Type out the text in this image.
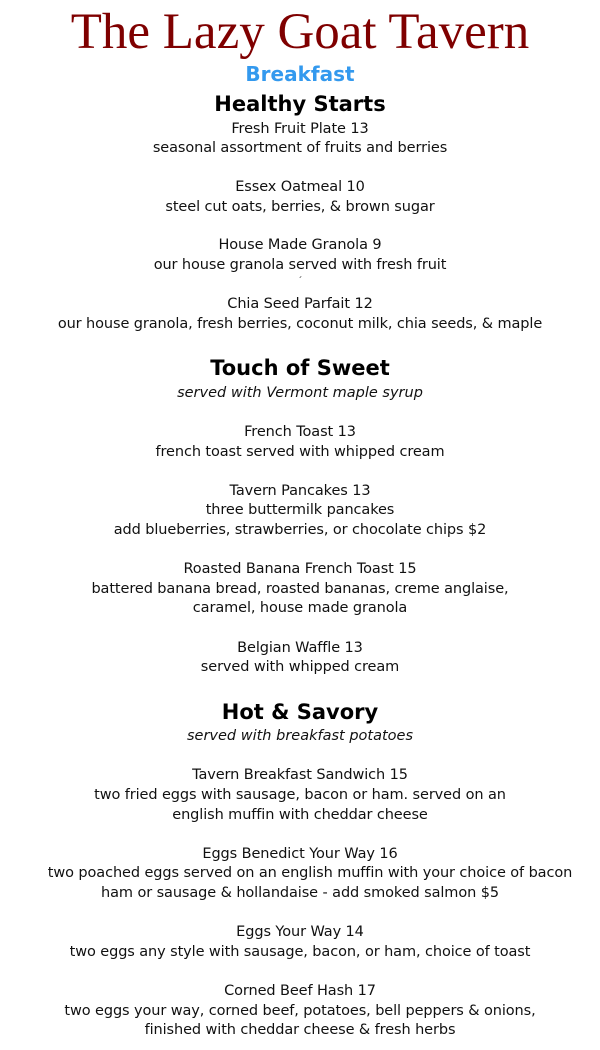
The Lazy Goat Tavern
Breakfast
Healthy Starts
Fresh Fruit Plate 13
seasonal assortment of fruits and berries
Essex Oatmeal 10
steel cut oats, berries, & brown sugar
House Made Granola 9
our house granola served with fresh fruit
´
Chia Seed Parfait 12
our house granola, fresh berries, coconut milk, chia seeds, & maple
Touch of Sweet
served with Vermont maple syrup
French Toast 13
french toast served with whipped cream
Tavern Pancakes 13
three buttermilk pancakes
add blueberries, strawberries, or chocolate chips $2
Roasted Banana French Toast 15
battered banana bread, roasted bananas, creme anglaise,
caramel, house made granola
Belgian Waffle 13
served with whipped cream
Hot & Savory
served with breakfast potatoes
Tavern Breakfast Sandwich 15
two fried eggs with sausage, bacon or ham. served on an
english muffin with cheddar cheese
Eggs Benedict Your Way 16
two poached eggs served on an english muffin with your choice of bacon
ham or sausage & hollandaise - add smoked salmon $5
Eggs Your Way 14
two eggs any style with sausage, bacon, or ham, choice of toast
Corned Beef Hash 17
two eggs your way, corned beef, potatoes, bell peppers & onions,
finished with cheddar cheese & fresh herbs
